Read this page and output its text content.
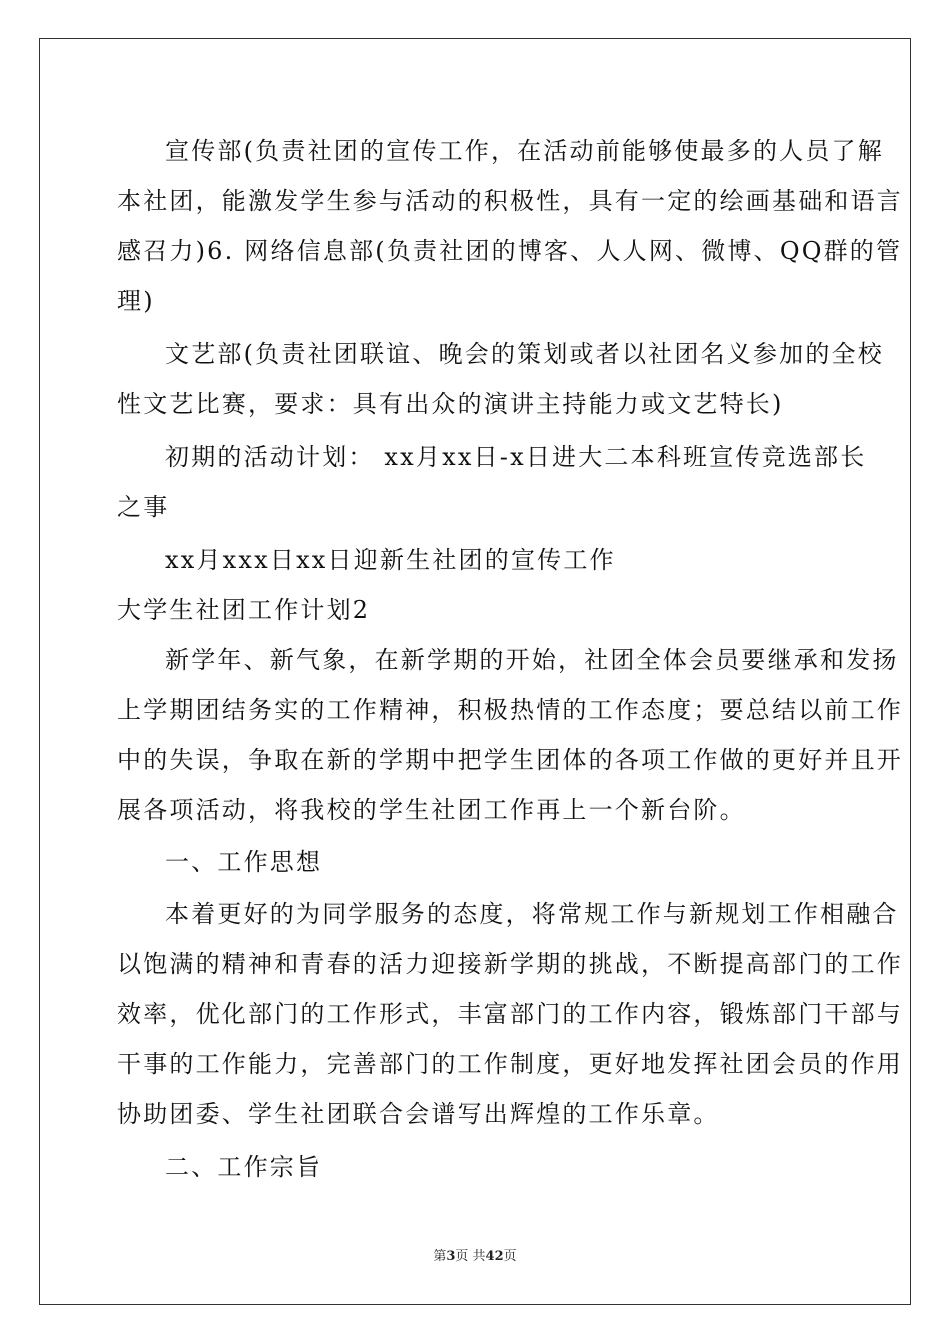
宣传部(负责社团的宣传工作，在活动前能够使最多的人员了解
本社团，能激发学生参与活动的积极性，具有一定的绘画基础和语言
感召力)6. 网络信息部(负责社团的博客、人人网、微博、QQ群的管
理)
文艺部(负责社团联谊、晚会的策划或者以社团名义参加的全校
性文艺比赛，要求：具有出众的演讲主持能力或文艺特长)
初期的活动计划： xx月xx日-x日进大二本科班宣传竞选部长
之事
xx月xxx日xx日迎新生社团的宣传工作
大学生社团工作计划2
新学年、新气象，在新学期的开始，社团全体会员要继承和发扬
上学期团结务实的工作精神，积极热情的工作态度；要总结以前工作
中的失误，争取在新的学期中把学生团体的各项工作做的更好并且开
展各项活动，将我校的学生社团工作再上一个新台阶。
一、工作思想
本着更好的为同学服务的态度，将常规工作与新规划工作相融合
以饱满的精神和青春的活力迎接新学期的挑战，不断提高部门的工作
效率，优化部门的工作形式，丰富部门的工作内容，锻炼部门干部与
干事的工作能力，完善部门的工作制度，更好地发挥社团会员的作用
协助团委、学生社团联合会谱写出辉煌的工作乐章。
二、工作宗旨
第3页 共42页
